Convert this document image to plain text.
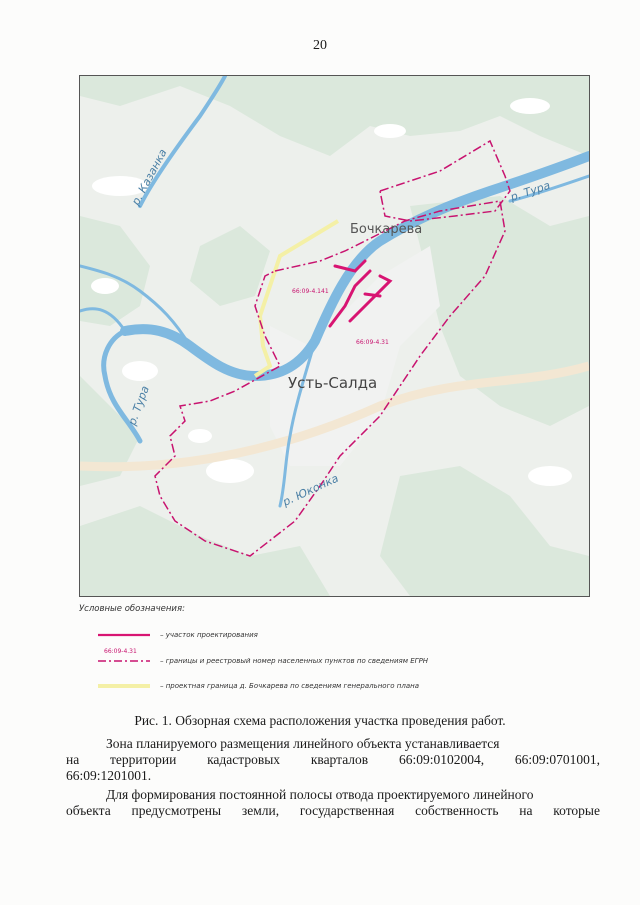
20
р. Казанка	р. Тура
р. Тура
р. Юконка
Бочкарева
Усть-Салда
66:09-4.141
66:09-4.31
Условные обозначения:
– участок проектирования
66:09-4.31
– границы и реестровый номер населенных пунктов по сведениям ЕГРН
– проектная граница д. Бочкарева по сведениям генерального плана
Рис. 1. Обзорная схема расположения участка проведения работ.
Зона планируемого размещения линейного объекта устанавливается
на территории кадастровых кварталов 66:09:0102004, 66:09:0701001,
66:09:1201001.
Для формирования постоянной полосы отвода проектируемого линейного
объекта предусмотрены земли, государственная собственность на которые
